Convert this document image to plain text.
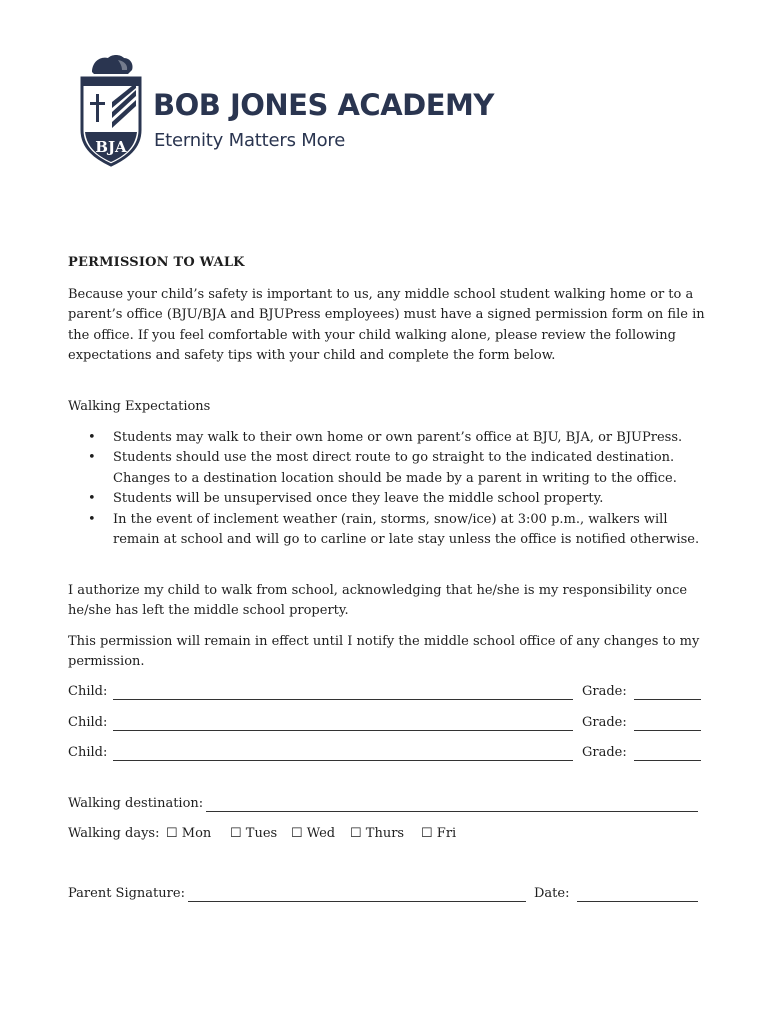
BJA
BOB JONES ACADEMY
Eternity Matters More
PERMISSION TO WALK

Because your child’s safety is important to us, any middle school student walking home or to a parent’s office (BJU/BJA and BJUPress employees) must have a signed permission form on file in the office. If you feel comfortable with your child walking alone, please review the following expectations and safety tips with your child and complete the form below.

Walking Expectations

• Students may walk to their own home or own parent’s office at BJU, BJA, or BJUPress.
• Students should use the most direct route to go straight to the indicated destination. Changes to a destination location should be made by a parent in writing to the office.
• Students will be unsupervised once they leave the middle school property.
• In the event of inclement weather (rain, storms, snow/ice) at 3:00 p.m., walkers will remain at school and will go to carline or late stay unless the office is notified otherwise.

I authorize my child to walk from school, acknowledging that he/she is my responsibility once he/she has left the middle school property.

This permission will remain in effect until I notify the middle school office of any changes to my permission.

Child:	Grade:
Child:	Grade:
Child:	Grade:
Walking destination:
Walking days: ☐ Mon ☐ Tues ☐ Wed ☐ Thurs ☐ Fri
Parent Signature:	Date:
